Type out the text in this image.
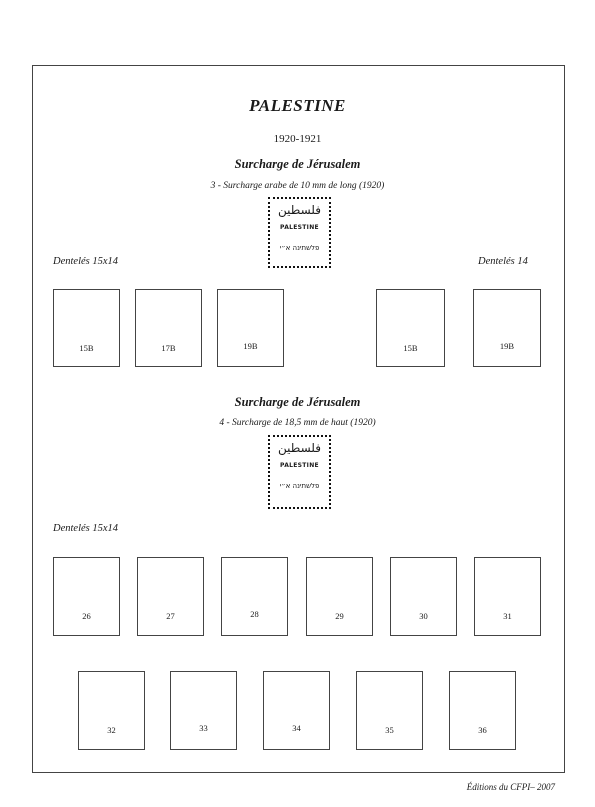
PALESTINE
1920-1921
Surcharge de Jérusalem
3 - Surcharge arabe de 10 mm de long (1920)
فلسطين
PALESTINE
פלשתינה א״י
Dentelés 15x14	Dentelés 14
15B	17B	19B	15B	19B
Surcharge de Jérusalem
4 - Surcharge de 18,5 mm de haut (1920)
فلسطين
PALESTINE
פלשתינה א״י
Dentelés 15x14
26	27	28	29	30	31
32	33	34	35	36
Éditions du CFPI– 2007
